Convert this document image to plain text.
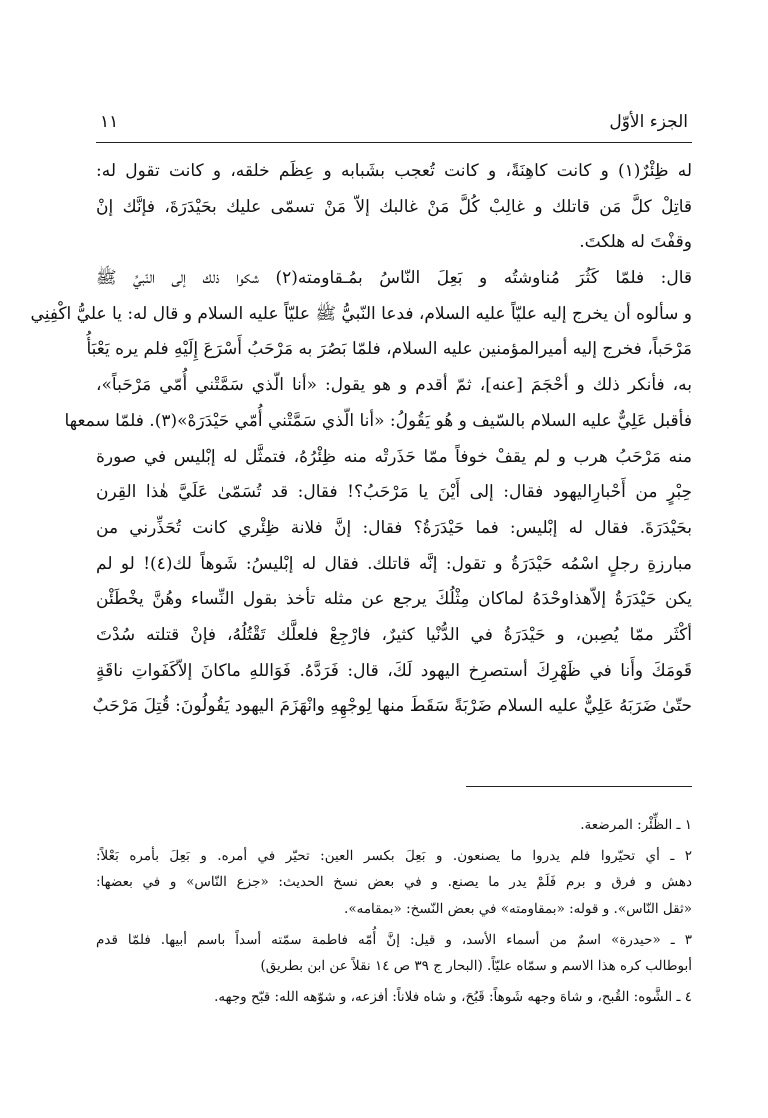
الجزء الأوّل
١١
له ظِئْرٌ(١) و كانت كاهِنَةً، و كانت تُعجب بشَبابه و عِظَم خلقه، و كانت تقول له:
قاتِلْ كلَّ مَن قاتلك و غالِبْ كُلَّ مَنْ غالبك إلاّ مَنْ تسمّى عليك بحَيْدَرَةَ، فإنَّك إنْ
وقفْتَ له هلكتَ.
قال: فلمّا كَثُرَ مُناوشتُه و بَعِلَ النّاسُ بمُـقاومته(٢) شكوا ذلك إلى النّبيِّ ﷺ
و سألوه أن يخرج إليه عليّاً عليه السلام، فدعا النّبيُّ ﷺ عليّاً عليه السلام و قال له: يا عليُّ اكْفِنِي
مَرْحَباً، فخرج إليه أميرالمؤمنين عليه السلام، فلمّا بَصُرَ به مَرْحَبُ أَسْرَعَ إِلَيْهِ فلم يره يَعْبَأُ
به، فأنكر ذلك و أحْجَمَ [عنه]، ثمّ أقدم و هو يقول: «أنا الّذي سَمَّتْني أُمّي مَرْحَباً»،
فأقبل عَلِيٌّ عليه السلام بالسّيف و هُو يَقُولُ: «أنا الّذي سَمَّتْني أُمّي حَيْدَرَهْ»(٣). فلمّا سمعها
منه مَرْحَبُ هرب و لم يقفْ خوفاً ممّا حَذَرتْه منه ظِئْرُهُ، فتمثَّل له إبْليس في صورة
حِبْرٍ من أَحْبارِاليهود فقال: إلى أَيْنَ يا مَرْحَبُ؟! فقال: قد تُسَمّىٰ عَلَيَّ هٰذا القِرن
بحَيْدَرَةَ. فقال له إبْليس: فما حَيْدَرَةُ؟ فقال: إنَّ فلانة ظِئْري كانت تُحَذِّرني من
مبارزةِ رجلٍ اسْمُه حَيْدَرَةُ و تقول: إنَّه قاتلك. فقال له إبْليسُ: شَوهاً لك(٤)! لو لم
يكن حَيْدَرَةُ إلاّهذاوحْدَهُ لماكان مِثْلُكَ يرجع عن مثله تأخذ بقول النِّساء وهُنَّ يخْطَئْن
أكْثَر ممّا يُصِبن، و حَيْدَرَةُ في الدُّنْيا كثيرٌ، فارْجِعْ فلعلَّك تَقْتُلُهُ، فإنْ قتلته سُدْتَ
قَومَكَ وأَنا في ظَهْرِكَ أستصرِخ اليهود لَكَ، قال: فَرَدَّهُ. فَوَاللهِ ماكانَ إلاّكَفَواتِ ناقَةٍ
حتّىٰ ضَرَبَهُ عَلِيٌّ عليه السلام ضَرْبَةً سَقَطَ منها لِوجْهِهِ وانْهَزَمَ اليهود يَقُولُونَ: قُتِلَ مَرْحَبٌ
١ ـ الظِّئْر: المرضعة.
٢ ـ أي تحيّروا فلم يدروا ما يصنعون. و بَعِلَ بكسر العين: تحيّر في أمره. و بَعِلَ بأمره بَعْلاً:
دهش و فرق و برم فَلَمْ يدر ما يصنع. و في بعض نسخ الحديث: «جزع النّاس» و في بعضها:
«ثقل النّاس». و قوله: «بمقاومته» في بعض النّسخ: «بمقامه».
٣ ـ «حيدرة» اسمٌ من أسماء الأسد، و قيل: إنَّ أُمّه فاطمة سمّته أسداً باسم أبيها. فلمّا قدم
أبوطالب كره هذا الاسم و سمّاه عليّاً. (البحار ج ٣٩ ص ١٤ نقلاً عن ابن بطريق)
٤ ـ الشَّوه: القُبح، و شاهَ وجهه شَوهاً: قَبُحَ، و شاه فلاناً: أفزعه، و شوّهه الله: قبّح وجهه.
